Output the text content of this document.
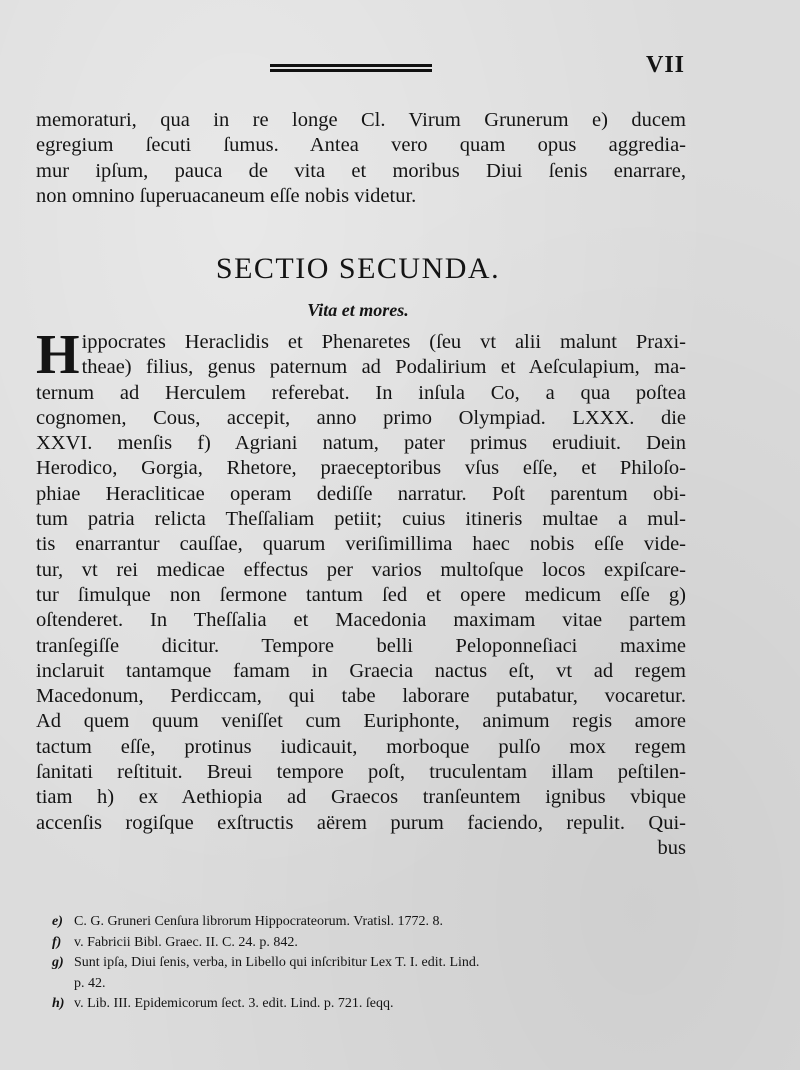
VII
memoraturi, qua in re longe Cl. Virum Grunerum e) ducem
egregium ſecuti ſumus. Antea vero quam opus aggredia-
mur ipſum, pauca de vita et moribus Diui ſenis enarrare,
non omnino ſuperuacaneum eſſe nobis videtur.
SECTIO SECUNDA.
Vita et mores.
H ippocrates Heraclidis et Phenaretes (ſeu vt alii malunt Praxi-
theae) filius, genus paternum ad Podalirium et Aeſculapium, ma-
ternum ad Herculem referebat. In inſula Co, a qua poſtea
cognomen, Cous, accepit, anno primo Olympiad. LXXX. die
XXVI. menſis f) Agriani natum, pater primus erudiuit. Dein
Herodico, Gorgia, Rhetore, praeceptoribus vſus eſſe, et Philoſo-
phiae Heracliticae operam dediſſe narratur. Poſt parentum obi-
tum patria relicta Theſſaliam petiit; cuius itineris multae a mul-
tis enarrantur cauſſae, quarum veriſimillima haec nobis eſſe vide-
tur, vt rei medicae effectus per varios multoſque locos expiſcare-
tur ſimulque non ſermone tantum ſed et opere medicum eſſe g)
oſtenderet. In Theſſalia et Macedonia maximam vitae partem
tranſegiſſe dicitur. Tempore belli Peloponneſiaci maxime
inclaruit tantamque famam in Graecia nactus eſt, vt ad regem
Macedonum, Perdiccam, qui tabe laborare putabatur, vocaretur.
Ad quem quum veniſſet cum Euriphonte, animum regis amore
tactum eſſe, protinus iudicauit, morboque pulſo mox regem
ſanitati reſtituit. Breui tempore poſt, truculentam illam peſtilen-
tiam h) ex Aethiopia ad Graecos tranſeuntem ignibus vbique
accenſis rogiſque exſtructis aërem purum faciendo, repulit. Qui-
bus
e) C. G. Gruneri Cenſura librorum Hippocrateorum. Vratisl. 1772. 8.
f) v. Fabricii Bibl. Graec. II. C. 24. p. 842.
g) Sunt ipſa, Diui ſenis, verba, in Libello qui inſcribitur Lex T. I. edit. Lind.
p. 42.
h) v. Lib. III. Epidemicorum ſect. 3. edit. Lind. p. 721. ſeqq.
